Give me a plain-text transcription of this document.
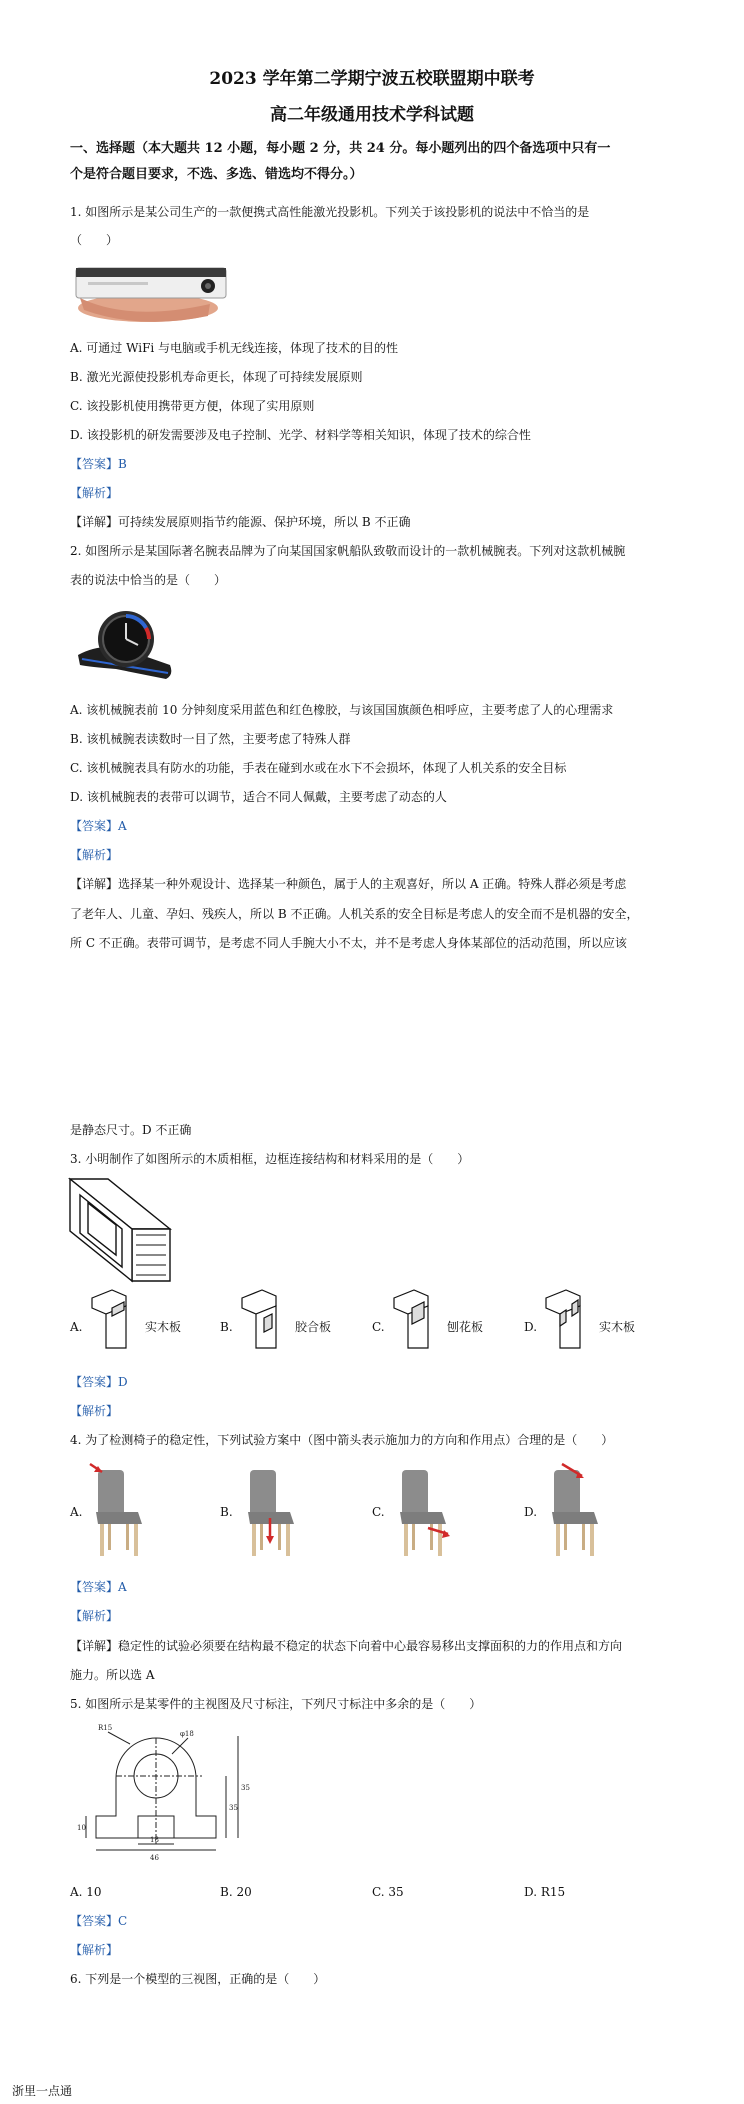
2023 学年第二学期宁波五校联盟期中联考
高二年级通用技术学科试题
一、选择题（本大题共 12 小题，每小题 2 分，共 24 分。每小题列出的四个备选项中只有一
个是符合题目要求，不选、多选、错选均不得分。）
1. 如图所示是某公司生产的一款便携式高性能激光投影机。下列关于该投影机的说法中不恰当的是
（　　）
A. 可通过 WiFi 与电脑或手机无线连接，体现了技术的目的性
B. 激光光源使投影机寿命更长，体现了可持续发展原则
C. 该投影机使用携带更方便，体现了实用原则
D. 该投影机的研发需要涉及电子控制、光学、材料学等相关知识，体现了技术的综合性
【答案】B
【解析】
【详解】可持续发展原则指节约能源、保护环境，所以 B 不正确
2. 如图所示是某国际著名腕表品牌为了向某国国家帆船队致敬而设计的一款机械腕表。下列对这款机械腕
表的说法中恰当的是（　　）
A. 该机械腕表前 10 分钟刻度采用蓝色和红色橡胶，与该国国旗颜色相呼应，主要考虑了人的心理需求
B. 该机械腕表读数时一目了然，主要考虑了特殊人群
C. 该机械腕表具有防水的功能，手表在碰到水或在水下不会损坏，体现了人机关系的安全目标
D. 该机械腕表的表带可以调节，适合不同人佩戴，主要考虑了动态的人
【答案】A
【解析】
【详解】选择某一种外观设计、选择某一种颜色，属于人的主观喜好，所以 A 正确。特殊人群必须是考虑
了老年人、儿童、孕妇、残疾人，所以 B 不正确。人机关系的安全目标是考虑人的安全而不是机器的安全，
所 C 不正确。表带可调节，是考虑不同人手腕大小不太，并不是考虑人身体某部位的活动范围，所以应该
是静态尺寸。D 不正确
3. 小明制作了如图所示的木质相框，边框连接结构和材料采用的是（　　）
A.	实木板	B.	胶合板	C.	刨花板	D.	实木板
【答案】D
【解析】
4. 为了检测椅子的稳定性，下列试验方案中（图中箭头表示施加力的方向和作用点）合理的是（　　）
A.	B.	C.	D.
【答案】A
【解析】
【详解】稳定性的试验必须要在结构最不稳定的状态下向着中心最容易移出支撑面积的力的作用点和方向
施力。所以选 A
5. 如图所示是某零件的主视图及尺寸标注，下列尺寸标注中多余的是（　　）
R15
φ18
35
35
10
18
46
A. 10	B. 20	C. 35	D. R15
【答案】C
【解析】
6. 下列是一个模型的三视图，正确的是（　　）
浙里一点通
